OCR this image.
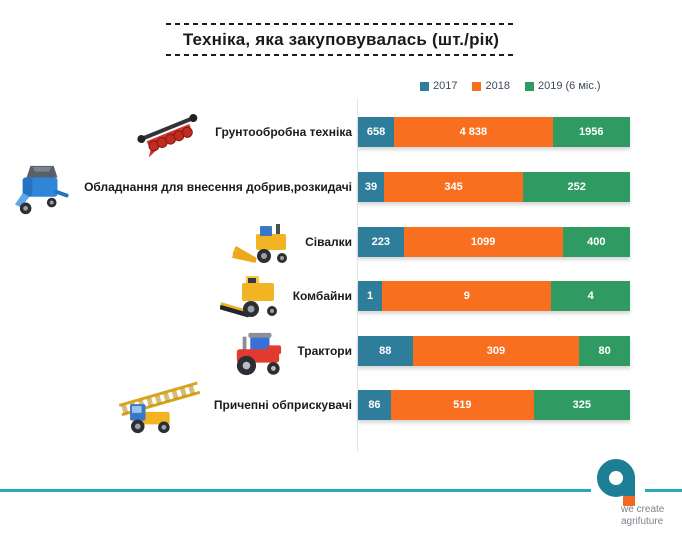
Техніка, яка закуповувалась (шт./рік)
2017	2018	2019 (6 міс.)
Грунтообробна техніка 658	4 838	1956
Обладнання для внесення добрив,розкидачі 39	345	252
Сівалки 223	1099	400
Комбайни 1	9	4
Трактори 88	309	80
Причепні обприскувачі 86	519	325
we create
agrifuture
